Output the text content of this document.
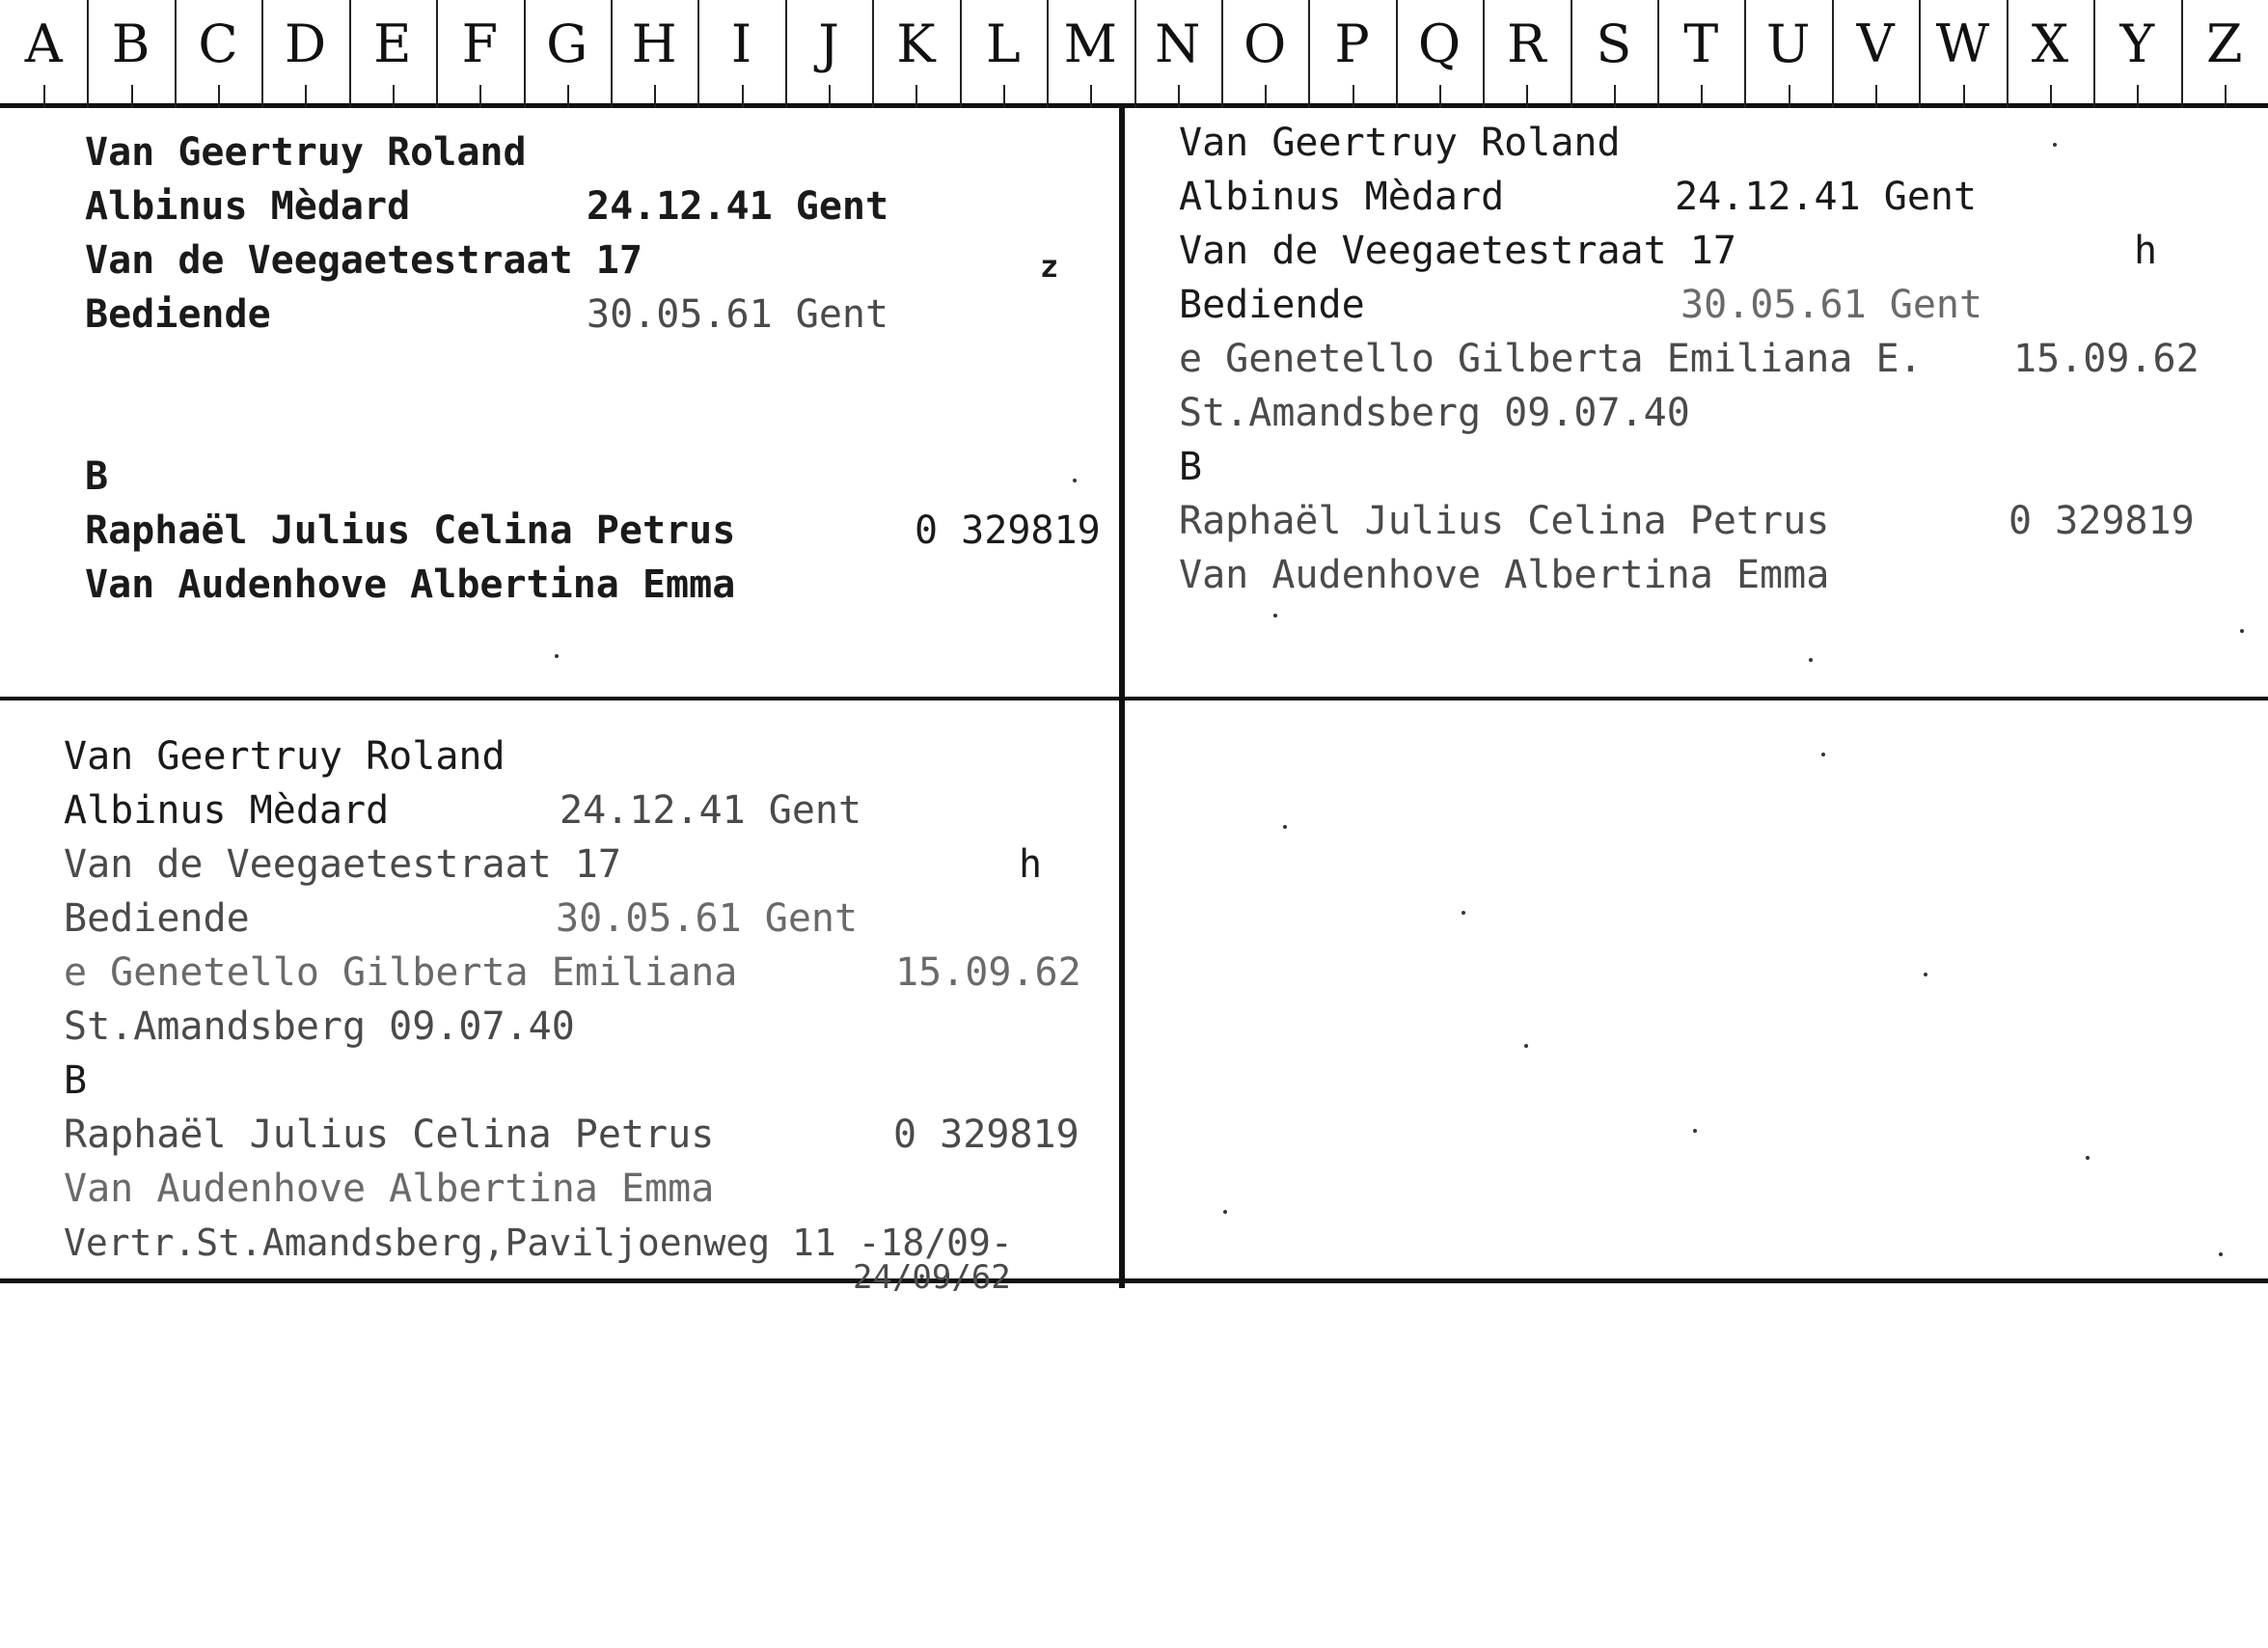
A B C D E F G H	I	J	K L M N O P Q R S T U V W X Y Z

Van Geertruy Roland

Albinus Mèdard

	24.12.41 Gent

Van de Veegaetestraat 17

	z

Bediende

	30.05.61 Gent

B

Raphaël Julius Celina Petrus

	0 329819

Van Audenhove Albertina Emma

Van Geertruy Roland

Albinus Mèdard

	24.12.41 Gent

Van de Veegaetestraat 17

	h

Bediende

	30.05.61 Gent

e Genetello Gilberta Emiliana E.

15.09.62

St.Amandsberg 09.07.40

B

Raphaël Julius Celina Petrus

	0 329819

Van Audenhove Albertina Emma

Van Geertruy Roland

Albinus Mèdard

	24.12.41 Gent

Van de Veegaetestraat 17

	h

Bediende

	30.05.61 Gent

e Genetello Gilberta Emiliana

	15.09.62

St.Amandsberg 09.07.40

B

Raphaël Julius Celina Petrus

	0 329819

Van Audenhove Albertina Emma

Vertr.St.Amandsberg,Paviljoenweg 11 -18/09-

24/09/62
